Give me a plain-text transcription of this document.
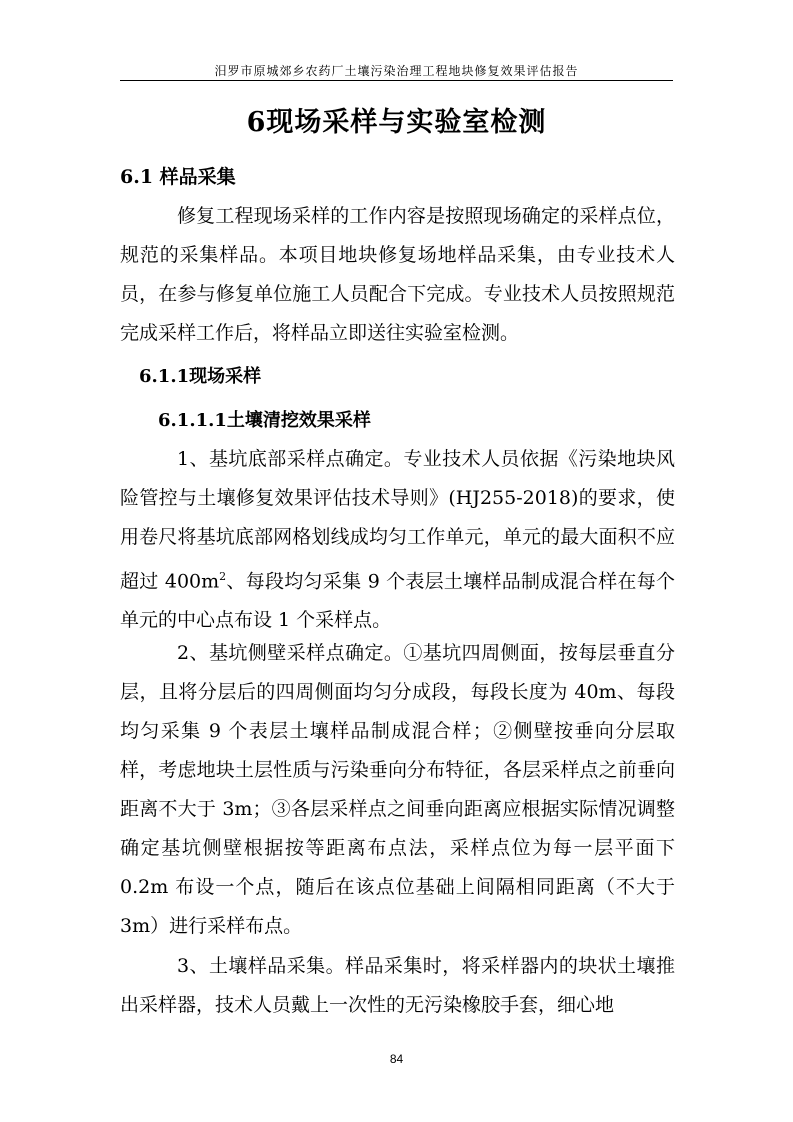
汨罗市原城郊乡农药厂土壤污染治理工程地块修复效果评估报告
6现场采样与实验室检测
6.1 样品采集
修复工程现场采样的工作内容是按照现场确定的采样点位，规范的采集样品。本项目地块修复场地样品采集，由专业技术人员，在参与修复单位施工人员配合下完成。专业技术人员按照规范完成采样工作后，将样品立即送往实验室检测。
6.1.1现场采样
6.1.1.1土壤清挖效果采样
1、基坑底部采样点确定。专业技术人员依据《污染地块风险管控与土壤修复效果评估技术导则》(HJ255-2018)的要求，使用卷尺将基坑底部网格划线成均匀工作单元，单元的最大面积不应超过 $400m^2$、每段均匀采集 9 个表层土壤样品制成混合样在每个单元的中心点布设 1 个采样点。
2、基坑侧壁采样点确定。①基坑四周侧面，按每层垂直分层，且将分层后的四周侧面均匀分成段，每段长度为 40m、每段均匀采集 9 个表层土壤样品制成混合样；②侧壁按垂向分层取样，考虑地块土层性质与污染垂向分布特征，各层采样点之前垂向距离不大于 3m；③各层采样点之间垂向距离应根据实际情况调整确定基坑侧壁根据按等距离布点法，采样点位为每一层平面下 0.2m 布设一个点，随后在该点位基础上间隔相同距离（不大于 3m）进行采样布点。
3、土壤样品采集。样品采集时，将采样器内的块状土壤推出采样器，技术人员戴上一次性的无污染橡胶手套，细心地
84
